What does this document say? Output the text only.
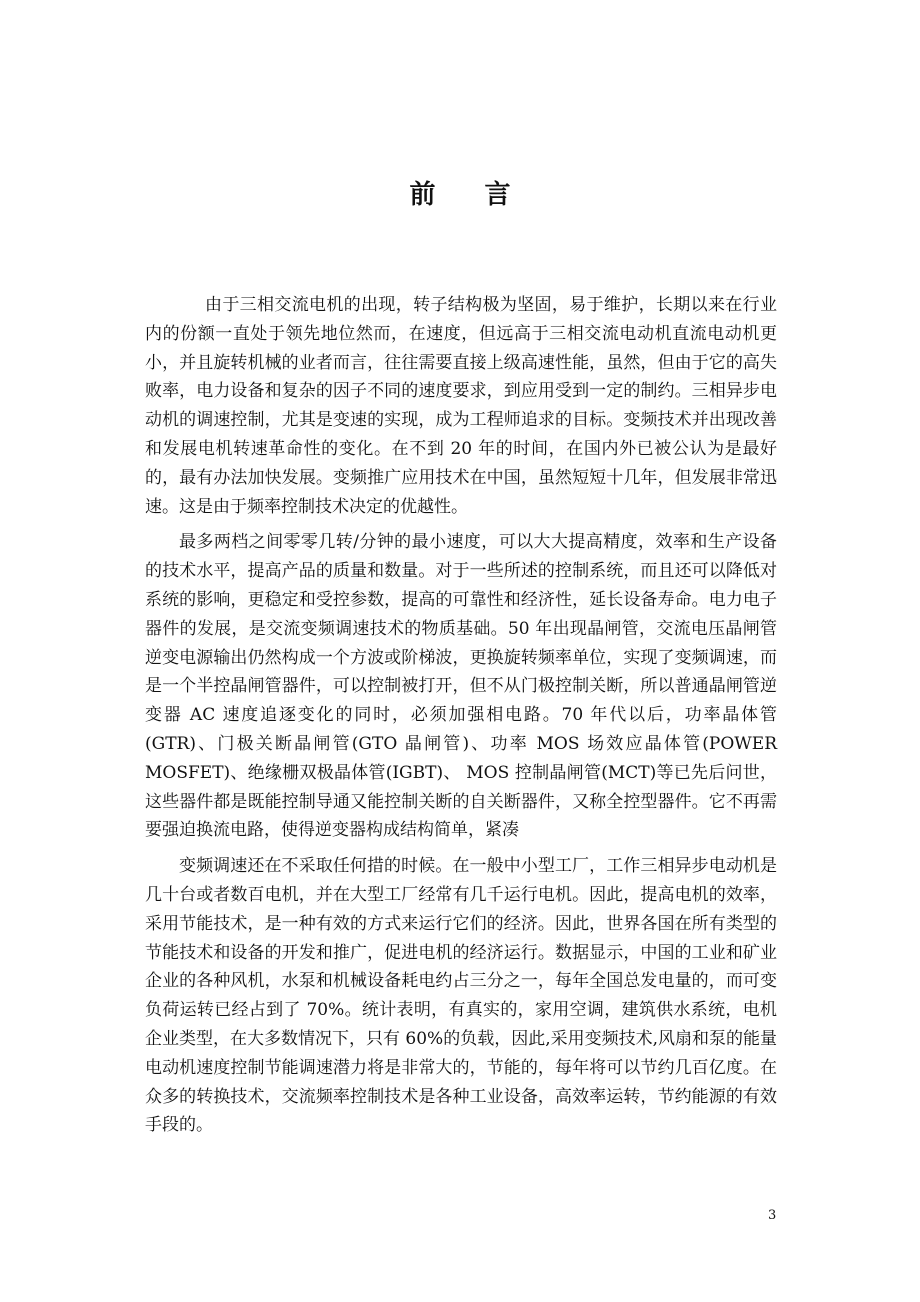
前 言

由于三相交流电机的出现，转子结构极为坚固，易于维护，长期以来在行业内的份额一直处于领先地位然而，在速度，但远高于三相交流电动机直流电动机更小，并且旋转机械的业者而言，往往需要直接上级高速性能，虽然，但由于它的高失败率，电力设备和复杂的因子不同的速度要求，到应用受到一定的制约。三相异步电动机的调速控制，尤其是变速的实现，成为工程师追求的目标。变频技术并出现改善和发展电机转速革命性的变化。在不到 20 年的时间，在国内外已被公认为是最好的，最有办法加快发展。变频推广应用技术在中国，虽然短短十几年，但发展非常迅速。这是由于频率控制技术决定的优越性。

最多两档之间零零几转/分钟的最小速度，可以大大提高精度，效率和生产设备的技术水平，提高产品的质量和数量。对于一些所述的控制系统，而且还可以降低对系统的影响，更稳定和受控参数，提高的可靠性和经济性，延长设备寿命。电力电子器件的发展，是交流变频调速技术的物质基础。50 年出现晶闸管，交流电压晶闸管逆变电源输出仍然构成一个方波或阶梯波，更换旋转频率单位，实现了变频调速，而是一个半控晶闸管器件，可以控制被打开，但不从门极控制关断，所以普通晶闸管逆变器 AC 速度追逐变化的同时，必须加强相电路。70 年代以后，功率晶体管(GTR)、门极关断晶闸管(GTO 晶闸管)、功率 MOS 场效应晶体管(POWER MOSFET)、绝缘栅双极晶体管(IGBT)、 MOS 控制晶闸管(MCT)等已先后问世，这些器件都是既能控制导通又能控制关断的自关断器件，又称全控型器件。它不再需要强迫换流电路，使得逆变器构成结构简单，紧凑

变频调速还在不采取任何措的时候。在一般中小型工厂，工作三相异步电动机是几十台或者数百电机，并在大型工厂经常有几千运行电机。因此，提高电机的效率，采用节能技术，是一种有效的方式来运行它们的经济。因此，世界各国在所有类型的节能技术和设备的开发和推广，促进电机的经济运行。数据显示，中国的工业和矿业企业的各种风机，水泵和机械设备耗电约占三分之一，每年全国总发电量的，而可变负荷运转已经占到了 70%。统计表明，有真实的，家用空调，建筑供水系统，电机企业类型，在大多数情况下，只有 60%的负载，因此,采用变频技术,风扇和泵的能量电动机速度控制节能调速潜力将是非常大的，节能的，每年将可以节约几百亿度。在众多的转换技术，交流频率控制技术是各种工业设备，高效率运转，节约能源的有效手段的。

3
